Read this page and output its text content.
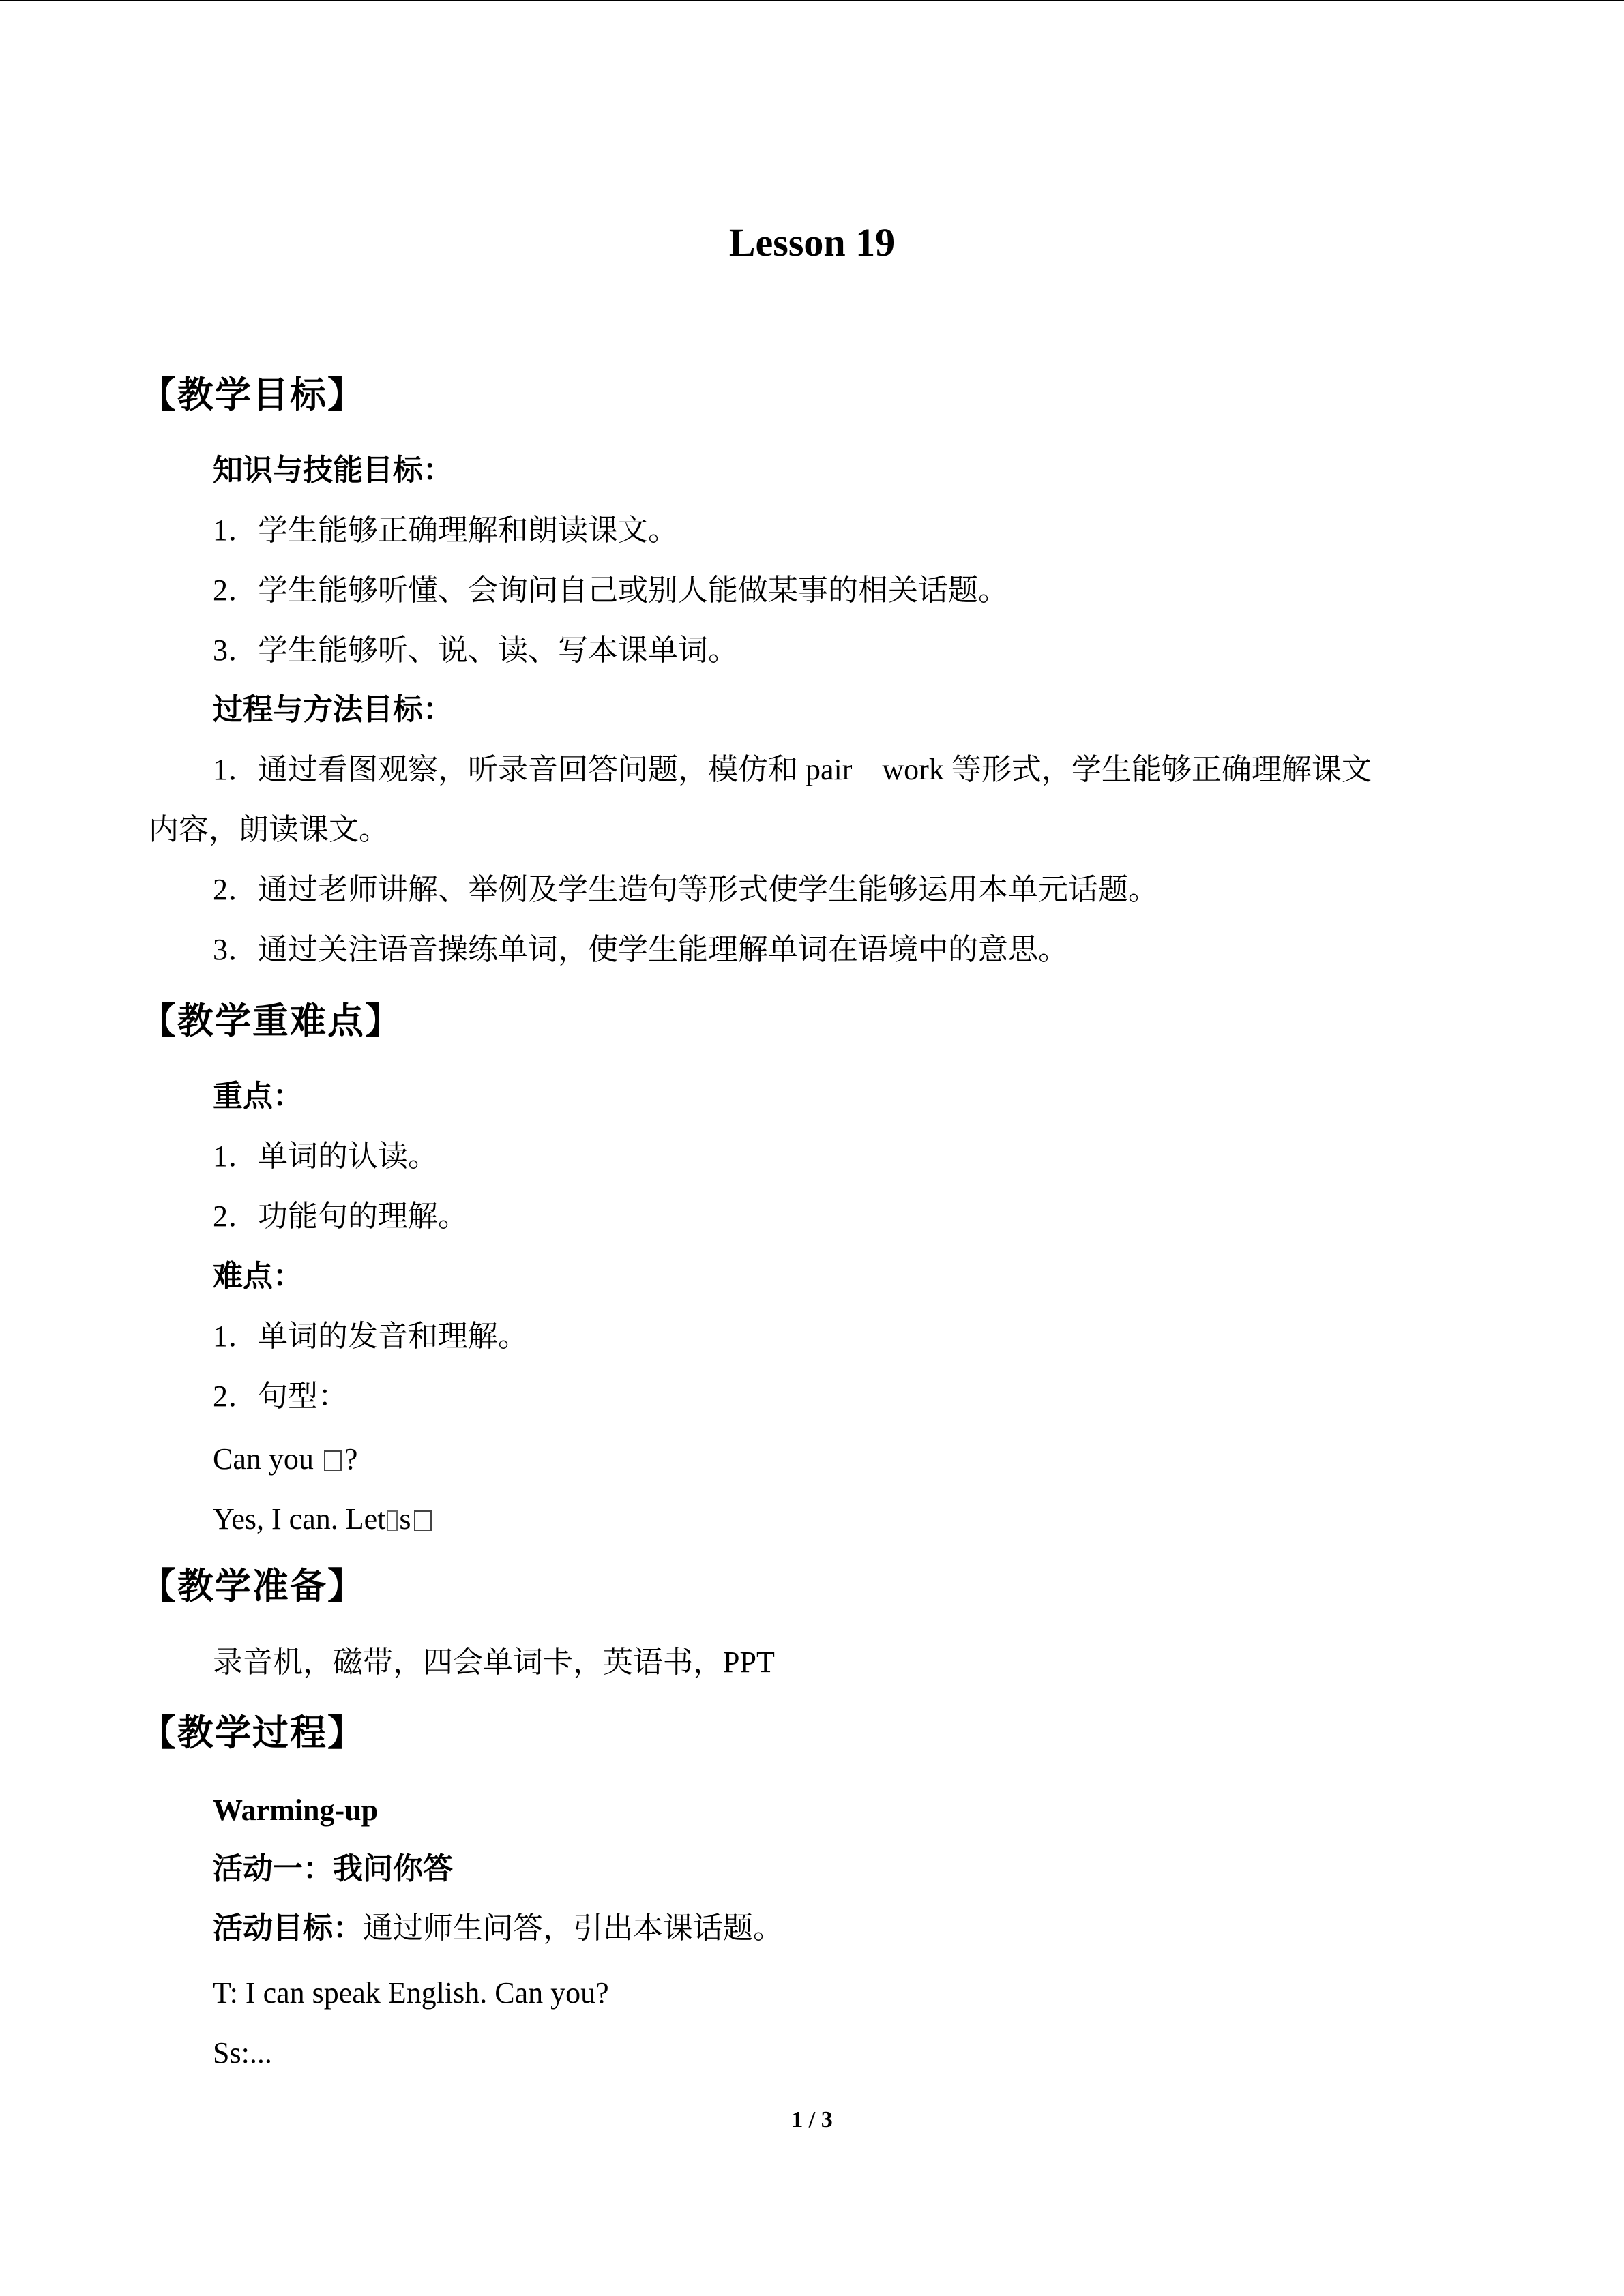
Lesson 19
【教学目标】
知识与技能目标：
1．学生能够正确理解和朗读课文。
2．学生能够听懂、会询问自己或别人能做某事的相关话题。
3．学生能够听、说、读、写本课单词。
过程与方法目标：
1．通过看图观察，听录音回答问题，模仿和 pair　work 等形式，学生能够正确理解课文
内容，朗读课文。
2．通过老师讲解、举例及学生造句等形式使学生能够运用本单元话题。
3．通过关注语音操练单词，使学生能理解单词在语境中的意思。
【教学重难点】
重点：
1．单词的认读。
2．功能句的理解。
难点：
1．单词的发音和理解。
2．句型：
Can you ?
Yes, I can. Let s
【教学准备】
录音机，磁带，四会单词卡，英语书，PPT
【教学过程】
Warming-up
活动一：我问你答
活动目标：通过师生问答，引出本课话题。
T: I can speak English. Can you?
Ss:...
1 / 3
